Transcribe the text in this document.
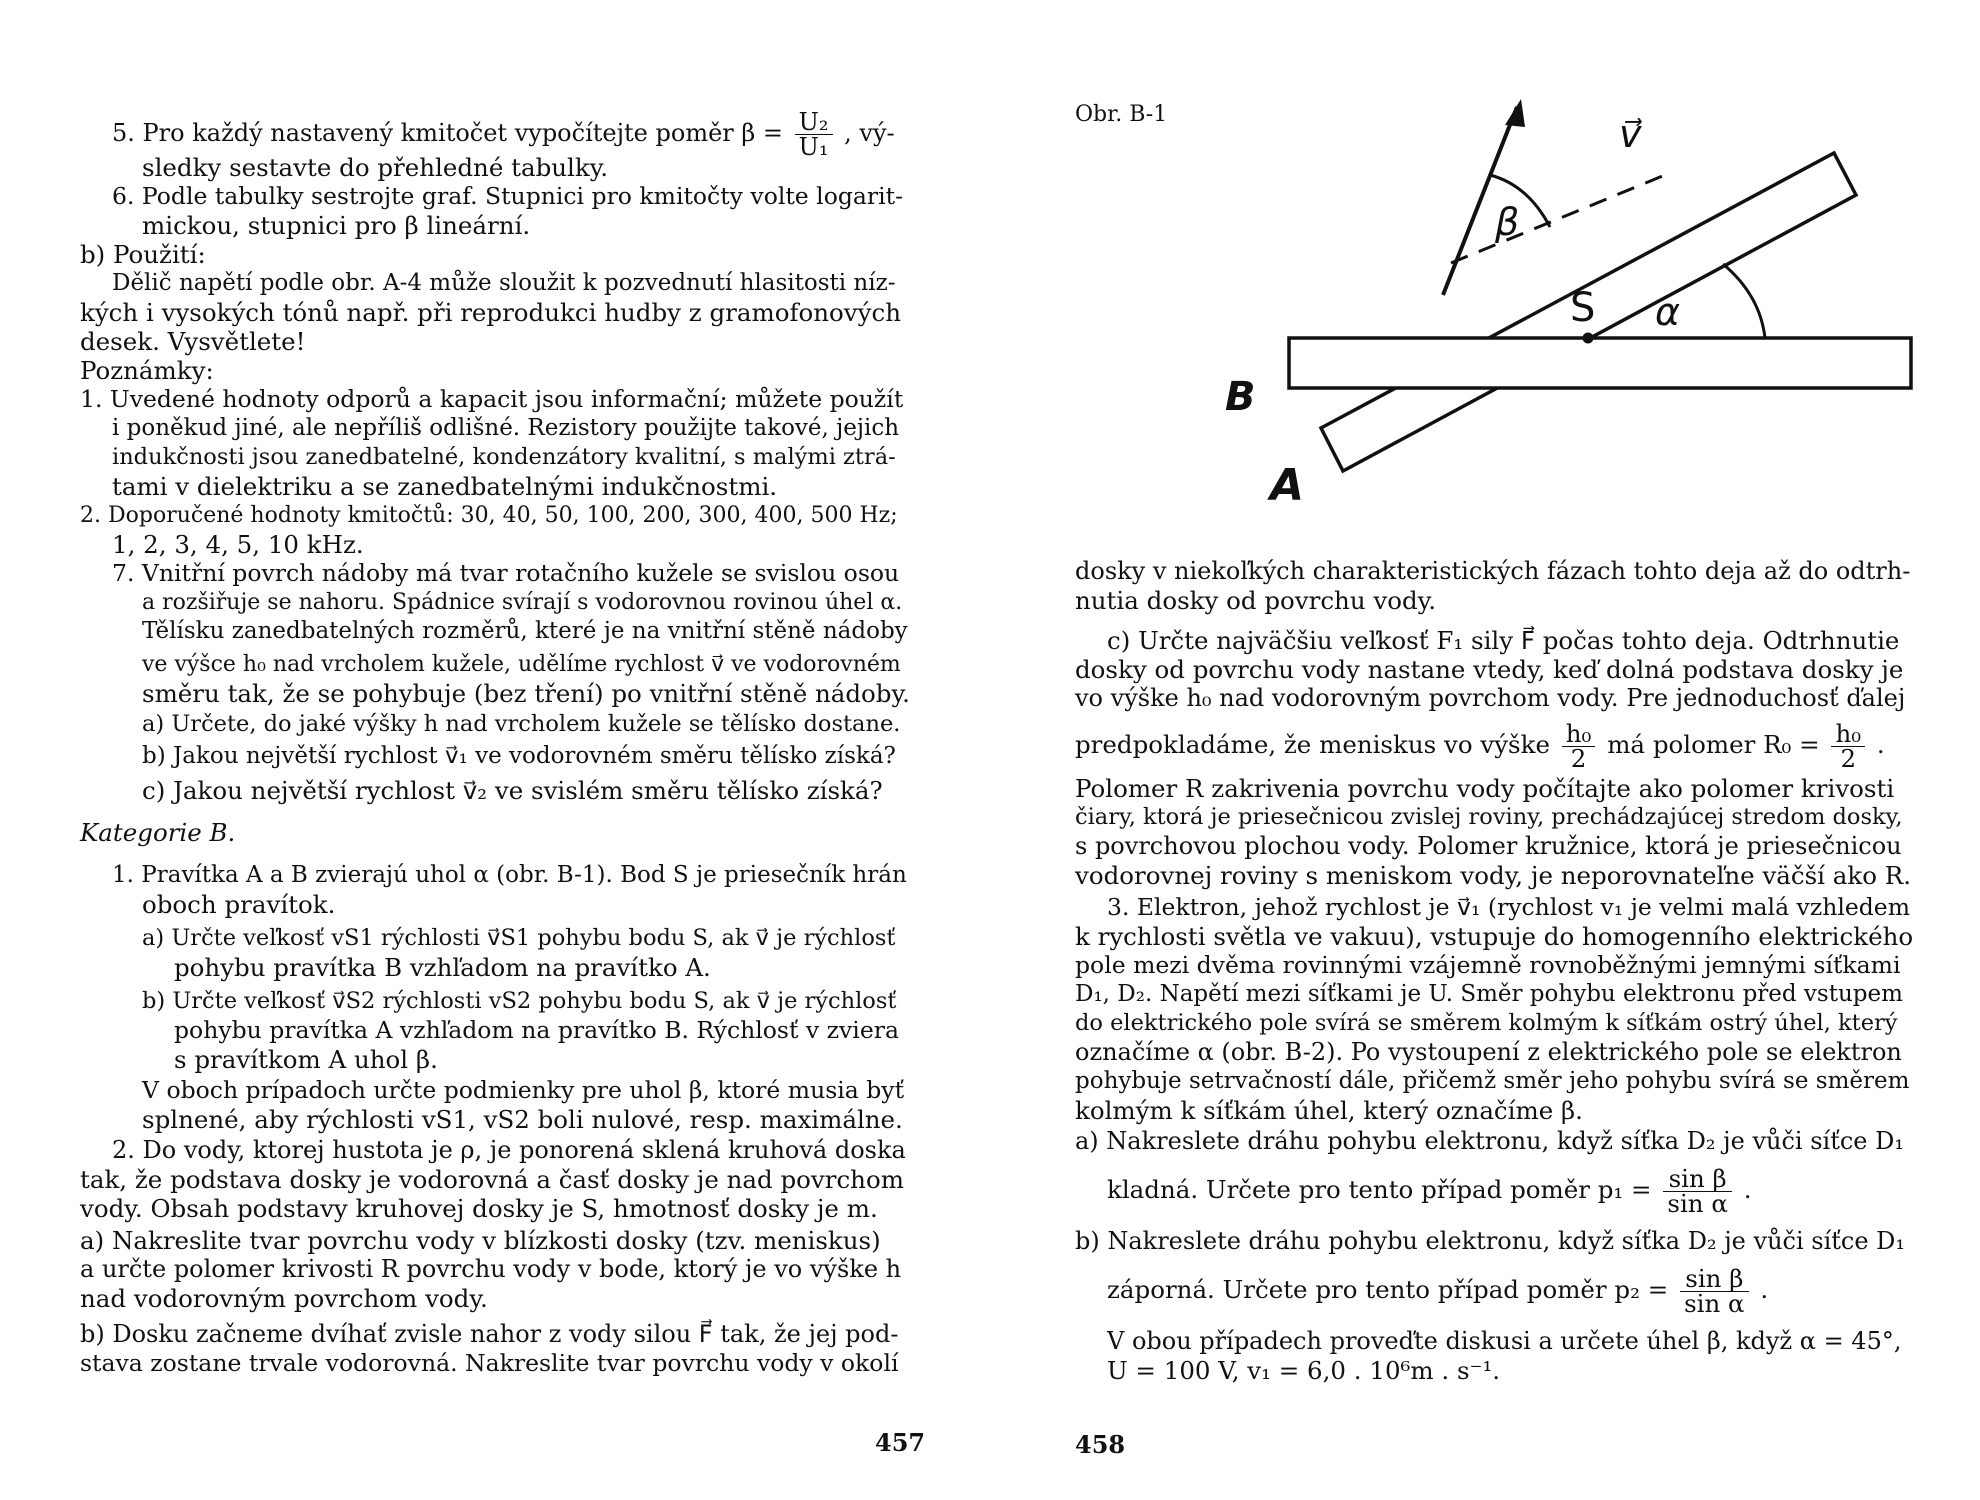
5. Pro každý nastavený kmitočet vypočítejte poměr $\beta = \frac{\text{U₂}}{\text{U₁}}$ , vý-
sledky sestavte do přehledné tabulky.
6. Podle tabulky sestrojte graf. Stupnici pro kmitočty volte logarit-
mickou, stupnici pro β lineární.
b) Použití:
Dělič napětí podle obr. A-4 může sloužit k pozvednutí hlasitosti níz-
kých i vysokých tónů např. při reprodukci hudby z gramofonových
desek. Vysvětlete!
Poznámky:
1. Uvedené hodnoty odporů a kapacit jsou informační; můžete použít
i poněkud jiné, ale nepříliš odlišné. Rezistory použijte takové, jejich
indukčnosti jsou zanedbatelné, kondenzátory kvalitní, s malými ztrá-
tami v dielektriku a se zanedbatelnými indukčnostmi.
2. Doporučené hodnoty kmitočtů: 30, 40, 50, 100, 200, 300, 400, 500 Hz;
1, 2, 3, 4, 5, 10 kHz.
7. Vnitřní povrch nádoby má tvar rotačního kužele se svislou osou
a rozšiřuje se nahoru. Spádnice svírají s vodorovnou rovinou úhel α.
Tělísku zanedbatelných rozměrů, které je na vnitřní stěně nádoby
ve výšce h₀ nad vrcholem kužele, udělíme rychlost v⃗ ve vodorovném
směru tak, že se pohybuje (bez tření) po vnitřní stěně nádoby.
a) Určete, do jaké výšky h nad vrcholem kužele se tělísko dostane.
b) Jakou největší rychlost v⃗₁ ve vodorovném směru tělísko získá?
c) Jakou největší rychlost v⃗₂ ve svislém směru tělísko získá?
Kategorie B.
1. Pravítka A a B zvierajú uhol α (obr. B-1). Bod S je priesečník hrán
oboch pravítok.
a) Určte veľkosť vS1 rýchlosti v⃗S1 pohybu bodu S, ak v⃗ je rýchlosť
pohybu pravítka B vzhľadom na pravítko A.
b) Určte veľkosť v⃗S2 rýchlosti vS2 pohybu bodu S, ak v⃗ je rýchlosť
pohybu pravítka A vzhľadom na pravítko B. Rýchlosť v zviera
s pravítkom A uhol β.
V oboch prípadoch určte podmienky pre uhol β, ktoré musia byť
splnené, aby rýchlosti vS1, vS2 boli nulové, resp. maximálne.
2. Do vody, ktorej hustota je ρ, je ponorená sklená kruhová doska
tak, že podstava dosky je vodorovná a časť dosky je nad povrchom
vody. Obsah podstavy kruhovej dosky je S, hmotnosť dosky je m.
a) Nakreslite tvar povrchu vody v blízkosti dosky (tzv. meniskus)
a určte polomer krivosti R povrchu vody v bode, ktorý je vo výške h
nad vodorovným povrchom vody.
b) Dosku začneme dvíhať zvisle nahor z vody silou F⃗ tak, že jej pod-
stava zostane trvale vodorovná. Nakreslite tvar povrchu vody v okolí
457
Obr. B-1	v⃗
β
S α
B
A
dosky v niekoľkých charakteristických fázach tohto deja až do odtrh-
nutia dosky od povrchu vody.
c) Určte najväčšiu veľkosť F₁ sily F⃗ počas tohto deja. Odtrhnutie
dosky od povrchu vody nastane vtedy, keď dolná podstava dosky je
vo výške h₀ nad vodorovným povrchom vody. Pre jednoduchosť ďalej
predpokladáme, že meniskus vo výške $\frac{\text{h₀}}{2}$ má polomer $R_0 = \frac{\text{h₀}}{2}$ .
Polomer R zakrivenia povrchu vody počítajte ako polomer krivosti
čiary, ktorá je priesečnicou zvislej roviny, prechádzajúcej stredom dosky,
s povrchovou plochou vody. Polomer kružnice, ktorá je priesečnicou
vodorovnej roviny s meniskom vody, je neporovnateľne väčší ako R.
3. Elektron, jehož rychlost je v⃗₁ (rychlost v₁ je velmi malá vzhledem
k rychlosti světla ve vakuu), vstupuje do homogenního elektrického
pole mezi dvěma rovinnými vzájemně rovnoběžnými jemnými síťkami
D₁, D₂. Napětí mezi síťkami je U. Směr pohybu elektronu před vstupem
do elektrického pole svírá se směrem kolmým k síťkám ostrý úhel, který
označíme α (obr. B-2). Po vystoupení z elektrického pole se elektron
pohybuje setrvačností dále, přičemž směr jeho pohybu svírá se směrem
kolmým k síťkám úhel, který označíme β.
a) Nakreslete dráhu pohybu elektronu, když síťka D₂ je vůči síťce D₁
kladná. Určete pro tento případ poměr $p_1 = \frac{\text{sin β}}{\text{sin α}}$ .
b) Nakreslete dráhu pohybu elektronu, když síťka D₂ je vůči síťce D₁
záporná. Určete pro tento případ poměr $p_2 = \frac{\text{sin β}}{\text{sin α}}$ .
V obou případech proveďte diskusi a určete úhel β, když α = 45°,
U = 100 V, v₁ = 6,0 . 10⁶m . s⁻¹.
458
